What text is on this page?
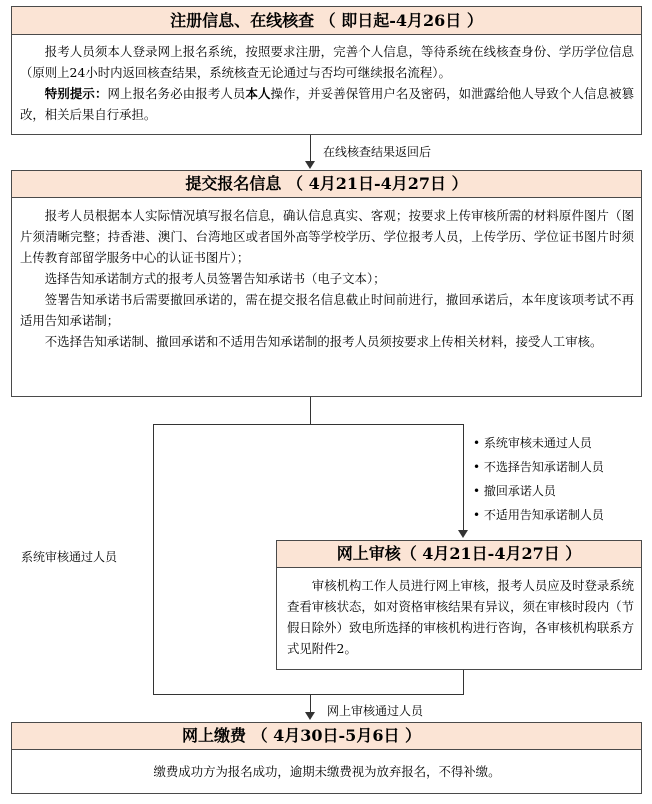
注册信息、在线核查 （ 即日起-4月26日 ）

报考人员须本人登录网上报名系统，按照要求注册，完善个人信息，等待系统在线核查身份、学历学位信息（原则上24小时内返回核查结果，系统核查无论通过与否均可继续报名流程）。

特别提示：网上报名务必由报考人员本人操作，并妥善保管用户名及密码，如泄露给他人导致个人信息被篡改，相关后果自行承担。

在线核查结果返回后
提交报名信息 （ 4月21日-4月27日 ）

报考人员根据本人实际情况填写报名信息，确认信息真实、客观；按要求上传审核所需的材料原件图片（图片须清晰完整；持香港、澳门、台湾地区或者国外高等学校学历、学位报考人员，上传学历、学位证书图片时须上传教育部留学服务中心的认证书图片）；

选择告知承诺制方式的报考人员签署告知承诺书（电子文本）；

签署告知承诺书后需要撤回承诺的，需在提交报名信息截止时间前进行，撤回承诺后，本年度该项考试不再适用告知承诺制；

不选择告知承诺制、撤回承诺和不适用告知承诺制的报考人员须按要求上传相关材料，接受人工审核。

系统审核通过人员
• 系统审核未通过人员
• 不选择告知承诺制人员
• 撤回承诺人员
• 不适用告知承诺制人员
网上审核通过人员
网上审核（ 4月21日-4月27日 ）

审核机构工作人员进行网上审核，报考人员应及时登录系统查看审核状态，如对资格审核结果有异议，须在审核时段内（节假日除外）致电所选择的审核机构进行咨询，各审核机构联系方式见附件2。

网上缴费 （ 4月30日-5月6日 ）
缴费成功方为报名成功，逾期未缴费视为放弃报名，不得补缴。
